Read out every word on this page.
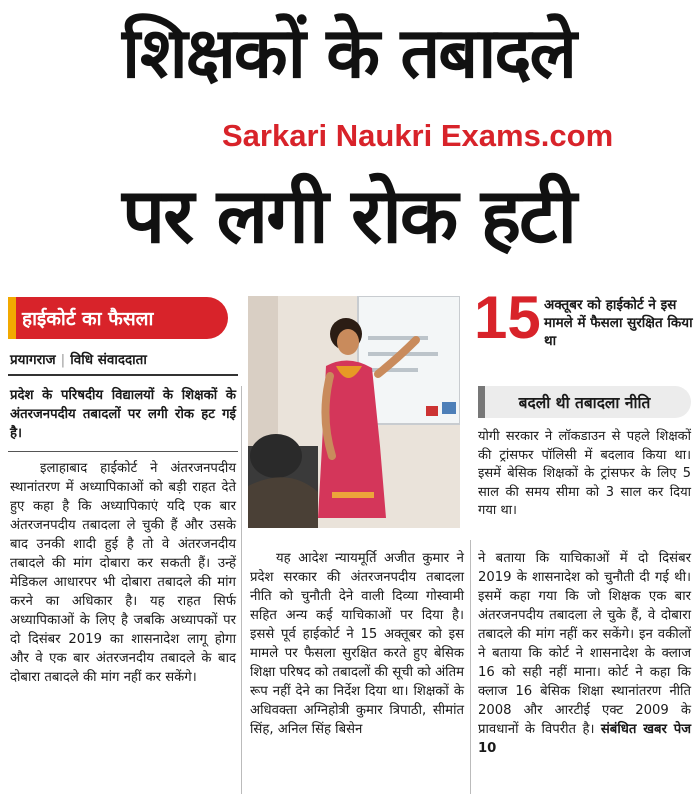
शिक्षकों के तबादले
Sarkari Naukri Exams.com
पर लगी रोक हटी
हाईकोर्ट का फैसला
प्रयागराज | विधि संवाददाता

प्रदेश के परिषदीय विद्यालयों के शिक्षकों के अंतरजनपदीय तबादलों पर लगी रोक हट गई है।

इलाहाबाद हाईकोर्ट ने अंतरजनपदीय स्थानांतरण में अध्यापिकाओं को बड़ी राहत देते हुए कहा है कि अध्यापिकाएं यदि एक बार अंतरजनपदीय तबादला ले चुकी हैं और उसके बाद उनकी शादी हुई है तो वे अंतरजनदीय तबादले की मांग दोबारा कर सकती हैं। उन्हें मेडिकल आधारपर भी दोबारा तबादले की मांग करने का अधिकार है। यह राहत सिर्फ अध्यापिकाओं के लिए है जबकि अध्यापकों पर दो दिसंबर 2019 का शासनादेश लागू होगा और वे एक बार अंतरजनदीय तबादले के बाद दोबारा तबादले की मांग नहीं कर सकेंगे।

15 अक्तूबर को हाईकोर्ट ने इस मामले में फैसला सुरक्षित किया था
बदली थी तबादला नीति
योगी सरकार ने लॉकडाउन से पहले शिक्षकों की ट्रांसफर पॉलिसी में बदलाव किया था। इसमें बेसिक शिक्षकों के ट्रांसफर के लिए 5 साल की समय सीमा को 3 साल कर दिया गया था।

यह आदेश न्यायमूर्ति अजीत कुमार ने प्रदेश सरकार की अंतरजनपदीय तबादला नीति को चुनौती देने वाली दिव्या गोस्वामी सहित अन्य कई याचिकाओं पर दिया है। इससे पूर्व हाईकोर्ट ने 15 अक्तूबर को इस मामले पर फैसला सुरक्षित करते हुए बेसिक शिक्षा परिषद को तबादलों की सूची को अंतिम रूप नहीं देने का निर्देश दिया था। शिक्षकों के अधिवक्ता अग्निहोत्री कुमार त्रिपाठी, सीमांत सिंह, अनिल सिंह बिसेन

ने बताया कि याचिकाओं में दो दिसंबर 2019 के शासनादेश को चुनौती दी गई थी। इसमें कहा गया कि जो शिक्षक एक बार अंतरजनपदीय तबादला ले चुके हैं, वे दोबारा तबादले की मांग नहीं कर सकेंगे। इन वकीलों ने बताया कि कोर्ट ने शासनादेश के क्लाज 16 को सही नहीं माना। कोर्ट ने कहा कि क्लाज 16 बेसिक शिक्षा स्थानांतरण नीति 2008 और आरटीई एक्ट 2009 के प्रावधानों के विपरीत है। संबंधित खबर पेज 10
